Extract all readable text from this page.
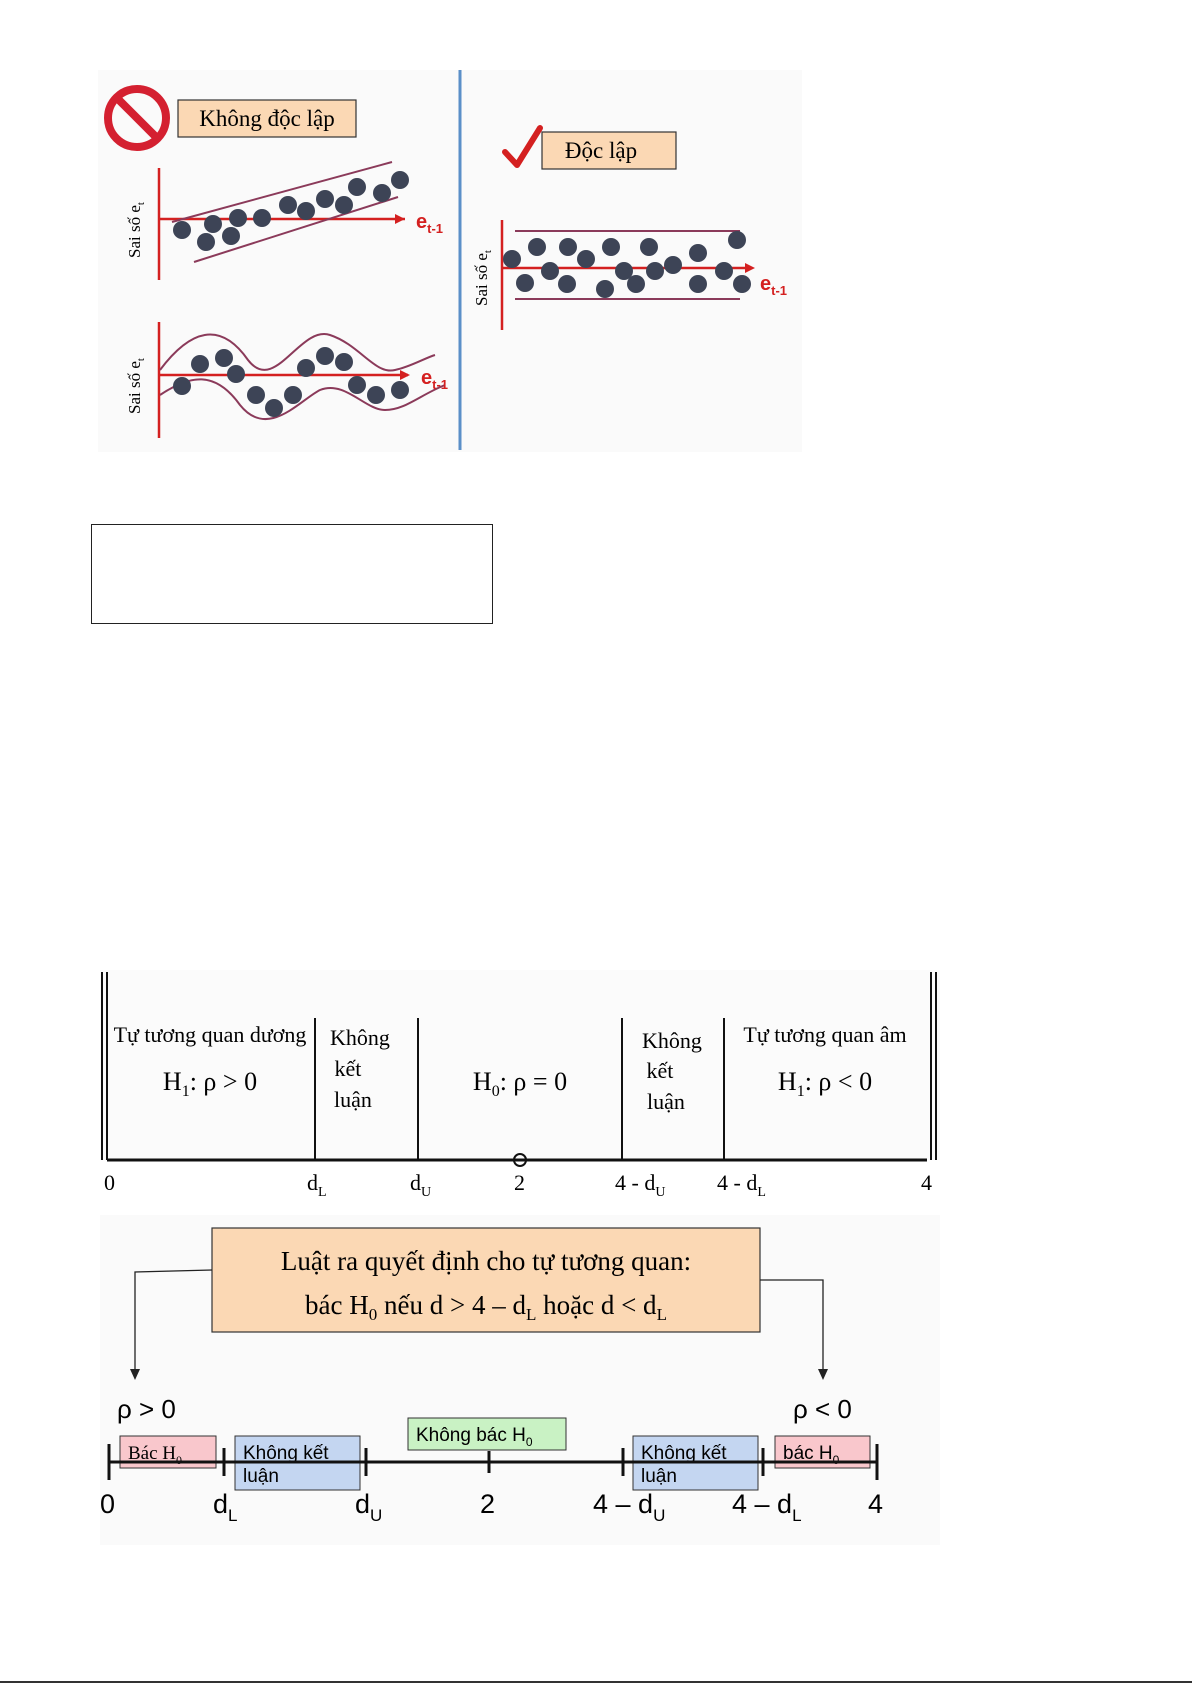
Không độc lập
Độc lập
Sai số $e_t$
$e_{t-1}$
Sai số $e_t$
$e_{t-1}$
Sai số $e_t$
$e_{t-1}$
Tự tương quan dương
$H_1$: ρ > 0
Không
kết
luận
$H_0$: ρ = 0
Không
kết
luận
Tự tương quan âm
$H_1$: ρ < 0
0	$d_L$	$d_U$	2	$4 - d_U$ $4 - d_L$	4
Luật ra quyết định cho tự tương quan:
bác $H_0$ nếu $d > 4 - d_L$ hoặc $d < d_L$
ρ > 0	ρ < 0
Bác $H_0$	Không kết
luận
Không bác $H_0$
Không kết
luận
bác $H_0$
0	$d_L$	$d_U$	2	$4 - d_U$ $4 - d_L$ 4
